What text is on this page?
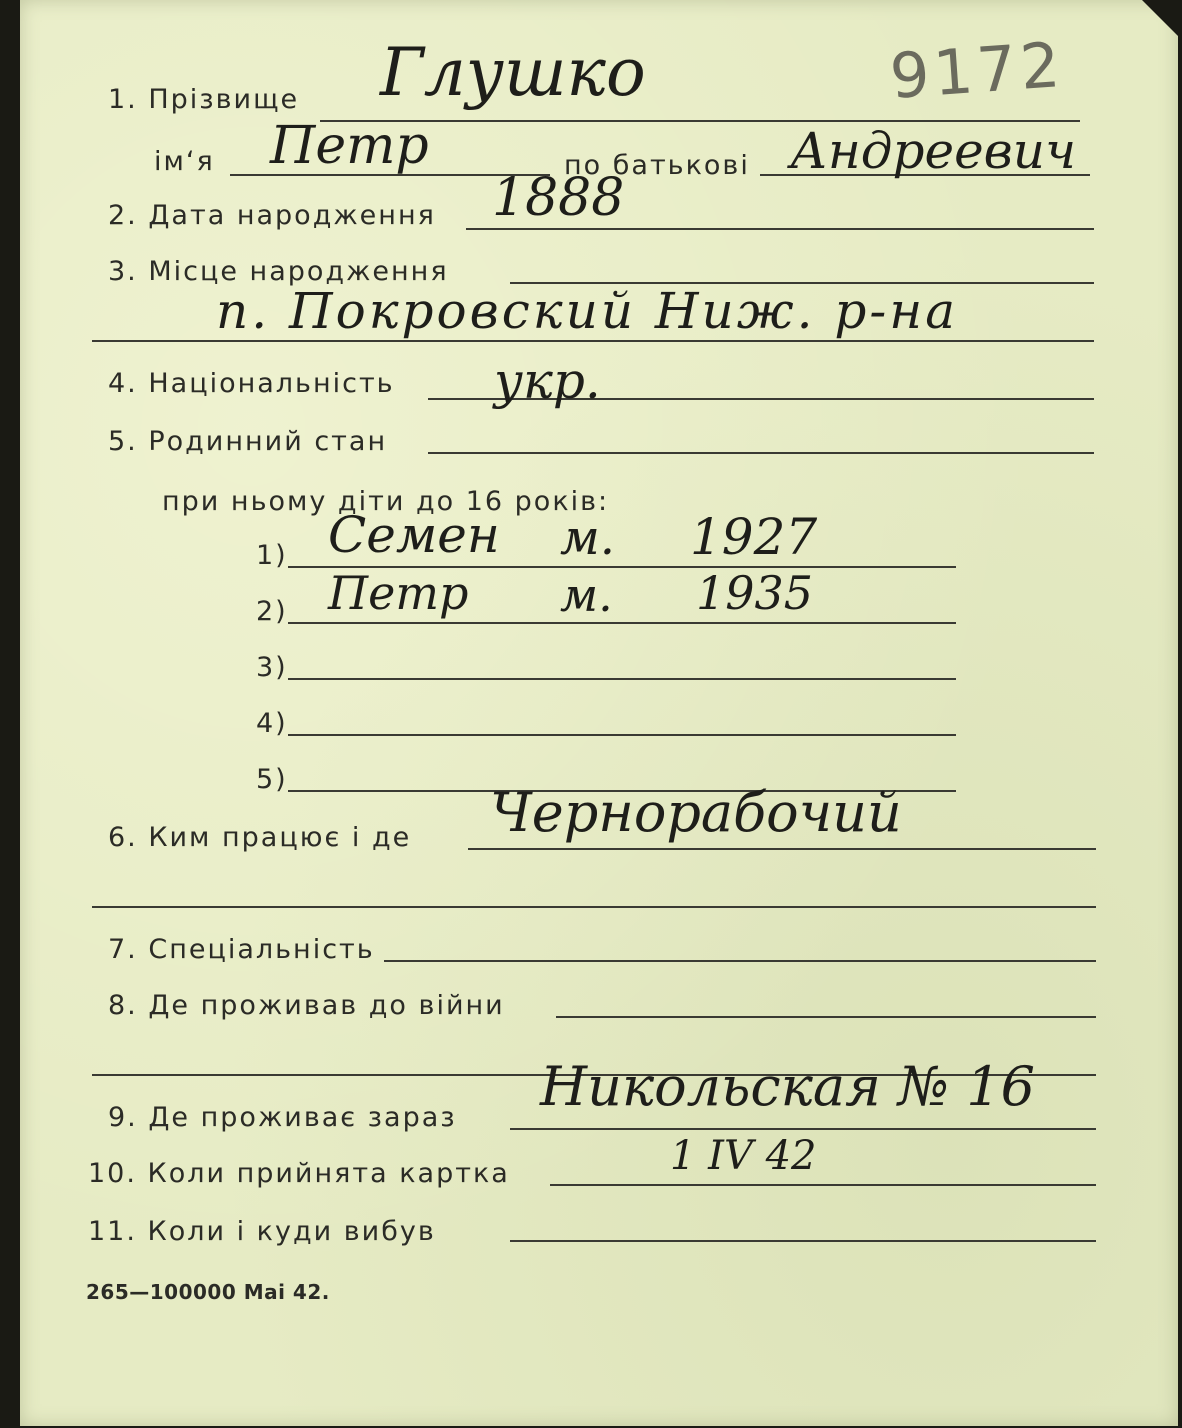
9172
1. Прізвище Глушко
ім‘я Петр	по батькові Андреевич
2. Дата народження 1888
3. Місце народження
п. Покровский Ниж. р-на
4. Національність укр.
5. Родинний стан
при ньому діти до 16 років:
1) Семен м. 1927
2) Петр м. 1935
3)
4)
5)
6. Ким працює і де Чернорабочий
7. Спеціальність
8. Де проживав до війни
9. Де проживає зараз Никольская № 16
10. Коли прийнята картка	1 IV 42
11. Коли і куди вибув
265—100000 Mai 42.
